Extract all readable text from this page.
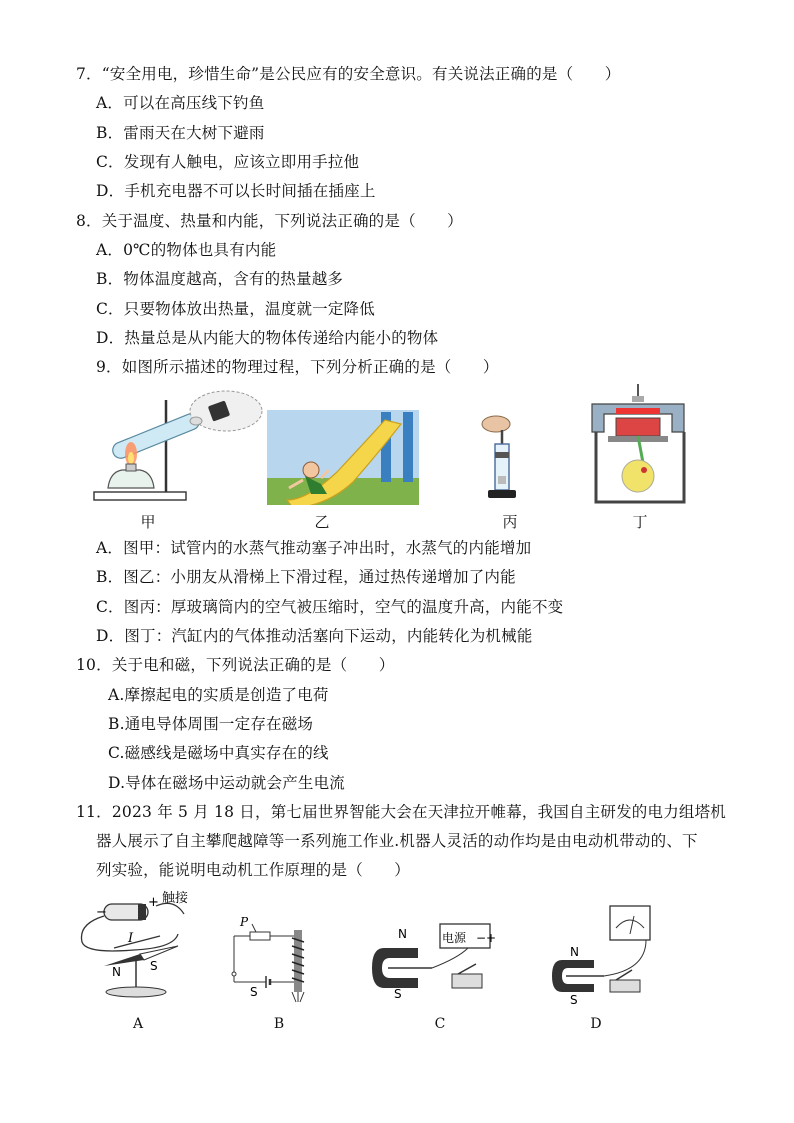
7．“安全用电，珍惜生命”是公民应有的安全意识。有关说法正确的是（　　）
A．可以在高压线下钓鱼
B．雷雨天在大树下避雨
C．发现有人触电，应该立即用手拉他
D．手机充电器不可以长时间插在插座上
8．关于温度、热量和内能，下列说法正确的是（　　）
A．0℃的物体也具有内能
B．物体温度越高，含有的热量越多
C．只要物体放出热量，温度就一定降低
D．热量总是从内能大的物体传递给内能小的物体
9．如图所示描述的物理过程，下列分析正确的是（　　）
甲	乙	丙	丁
A．图甲：试管内的水蒸气推动塞子冲出时，水蒸气的内能增加
B．图乙：小朋友从滑梯上下滑过程，通过热传递增加了内能
C．图丙：厚玻璃筒内的空气被压缩时，空气的温度升高，内能不变
D．图丁：汽缸内的气体推动活塞向下运动，内能转化为机械能
10．关于电和磁，下列说法正确的是（　　）
A.摩擦起电的实质是创造了电荷
B.通电导体周围一定存在磁场
C.磁感线是磁场中真实存在的线
D.导体在磁场中运动就会产生电流
11．2023 年 5 月 18 日，第七届世界智能大会在天津拉开帷幕，我国自主研发的电力组塔机
器人展示了自主攀爬越障等一系列施工作业.机器人灵活的动作均是由电动机带动的、下
列实验，能说明电动机工作原理的是（　　）
−
+ 触接
I
N S
A
P
S
B
N
S
电源 −+
C
N
S
D
